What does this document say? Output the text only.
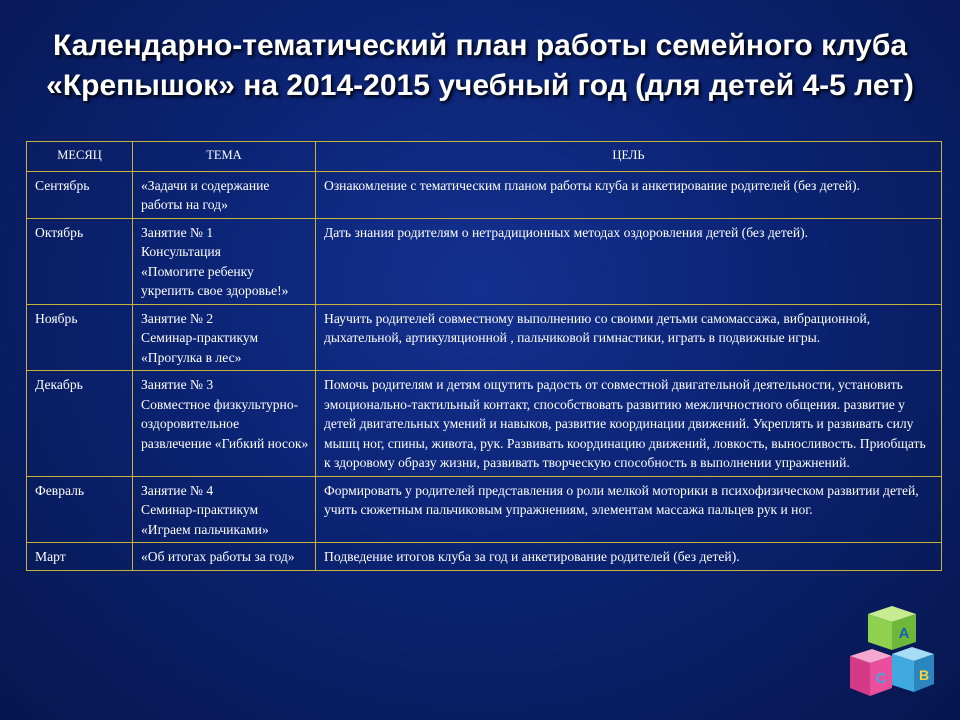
Календарно-тематический план работы семейного клуба
«Крепышок» на 2014-2015 учебный год (для детей 4-5 лет)
МЕСЯЦ	ТЕМА	ЦЕЛЬ
Сентябрь	«Задачи и содержание работы на год»	Ознакомление с тематическим планом работы клуба и анкетирование родителей (без детей).
Октябрь	Занятие № 1
Консультация
«Помогите ребенку укрепить свое здоровье!»	Дать знания родителям о нетрадиционных методах оздоровления детей (без детей).
Ноябрь	Занятие № 2
Семинар-практикум
«Прогулка в лес»	Научить родителей совместному выполнению со своими детьми самомассажа, вибрационной, дыхательной, артикуляционной , пальчиковой гимнастики, играть в подвижные игры.
Декабрь	Занятие № 3
Совместное физкультурно-оздоровительное развлечение «Гибкий носок»	Помочь родителям и детям ощутить радость от совместной двигательной деятельности, установить эмоционально-тактильный контакт, способствовать развитию межличностного общения. развитие у детей двигательных умений и навыков, развитие координации движений. Укреплять и развивать силу мышц ног, спины, живота, рук. Развивать координацию движений, ловкость, выносливость. Приобщать к здоровому образу жизни, развивать творческую способность в выполнении упражнений.
Февраль	Занятие № 4
Семинар-практикум
«Играем пальчиками»	Формировать у родителей представления о роли мелкой моторики в психофизическом развитии детей, учить сюжетным пальчиковым упражнениям, элементам массажа пальцев рук и ног.
Март	«Об итогах работы за год»	Подведение итогов клуба за год и анкетирование родителей (без детей).
A
B
C
